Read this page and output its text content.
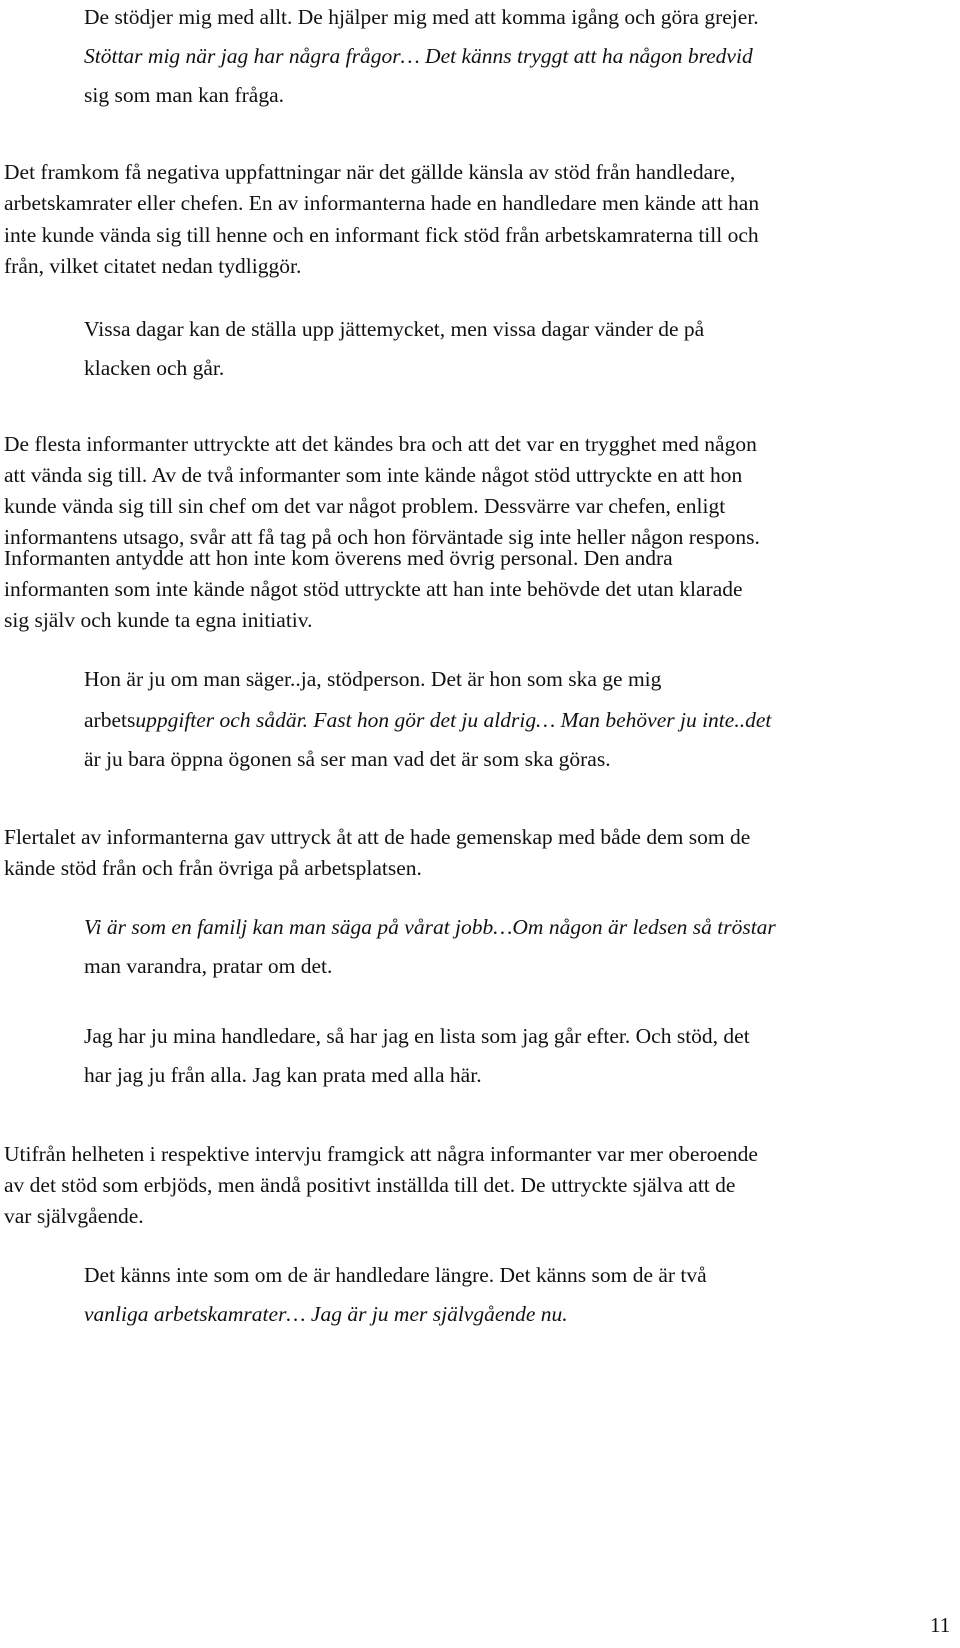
De stödjer mig med allt. De hjälper mig med att komma igång och göra grejer.

Stöttar mig när jag har några frågor… Det känns tryggt att ha någon bredvid

sig som man kan fråga.

Det framkom få negativa uppfattningar när det gällde känsla av stöd från handledare,

arbetskamrater eller chefen. En av informanterna hade en handledare men kände att han

inte kunde vända sig till henne och en informant fick stöd från arbetskamraterna till och

från, vilket citatet nedan tydliggör.

Vissa dagar kan de ställa upp jättemycket, men vissa dagar vänder de på

klacken och går.

De flesta informanter uttryckte att det kändes bra och att det var en trygghet med någon

att vända sig till. Av de två informanter som inte kände något stöd uttryckte en att hon

kunde vända sig till sin chef om det var något problem. Dessvärre var chefen, enligt

informantens utsago, svår att få tag på och hon förväntade sig inte heller någon respons.

Informanten antydde att hon inte kom överens med övrig personal. Den andra

informanten som inte kände något stöd uttryckte att han inte behövde det utan klarade

sig själv och kunde ta egna initiativ.

Hon är ju om man säger..ja, stödperson. Det är hon som ska ge mig

arbetsuppgifter och sådär. Fast hon gör det ju aldrig… Man behöver ju inte..det

är ju bara öppna ögonen så ser man vad det är som ska göras.

Flertalet av informanterna gav uttryck åt att de hade gemenskap med både dem som de

kände stöd från och från övriga på arbetsplatsen.

Vi är som en familj kan man säga på vårat jobb…Om någon är ledsen så tröstar

man varandra, pratar om det.

Jag har ju mina handledare, så har jag en lista som jag går efter. Och stöd, det

har jag ju från alla. Jag kan prata med alla här.

Utifrån helheten i respektive intervju framgick att några informanter var mer oberoende

av det stöd som erbjöds, men ändå positivt inställda till det. De uttryckte själva att de

var självgående.

Det känns inte som om de är handledare längre. Det känns som de är två

vanliga arbetskamrater… Jag är ju mer självgående nu.

11
